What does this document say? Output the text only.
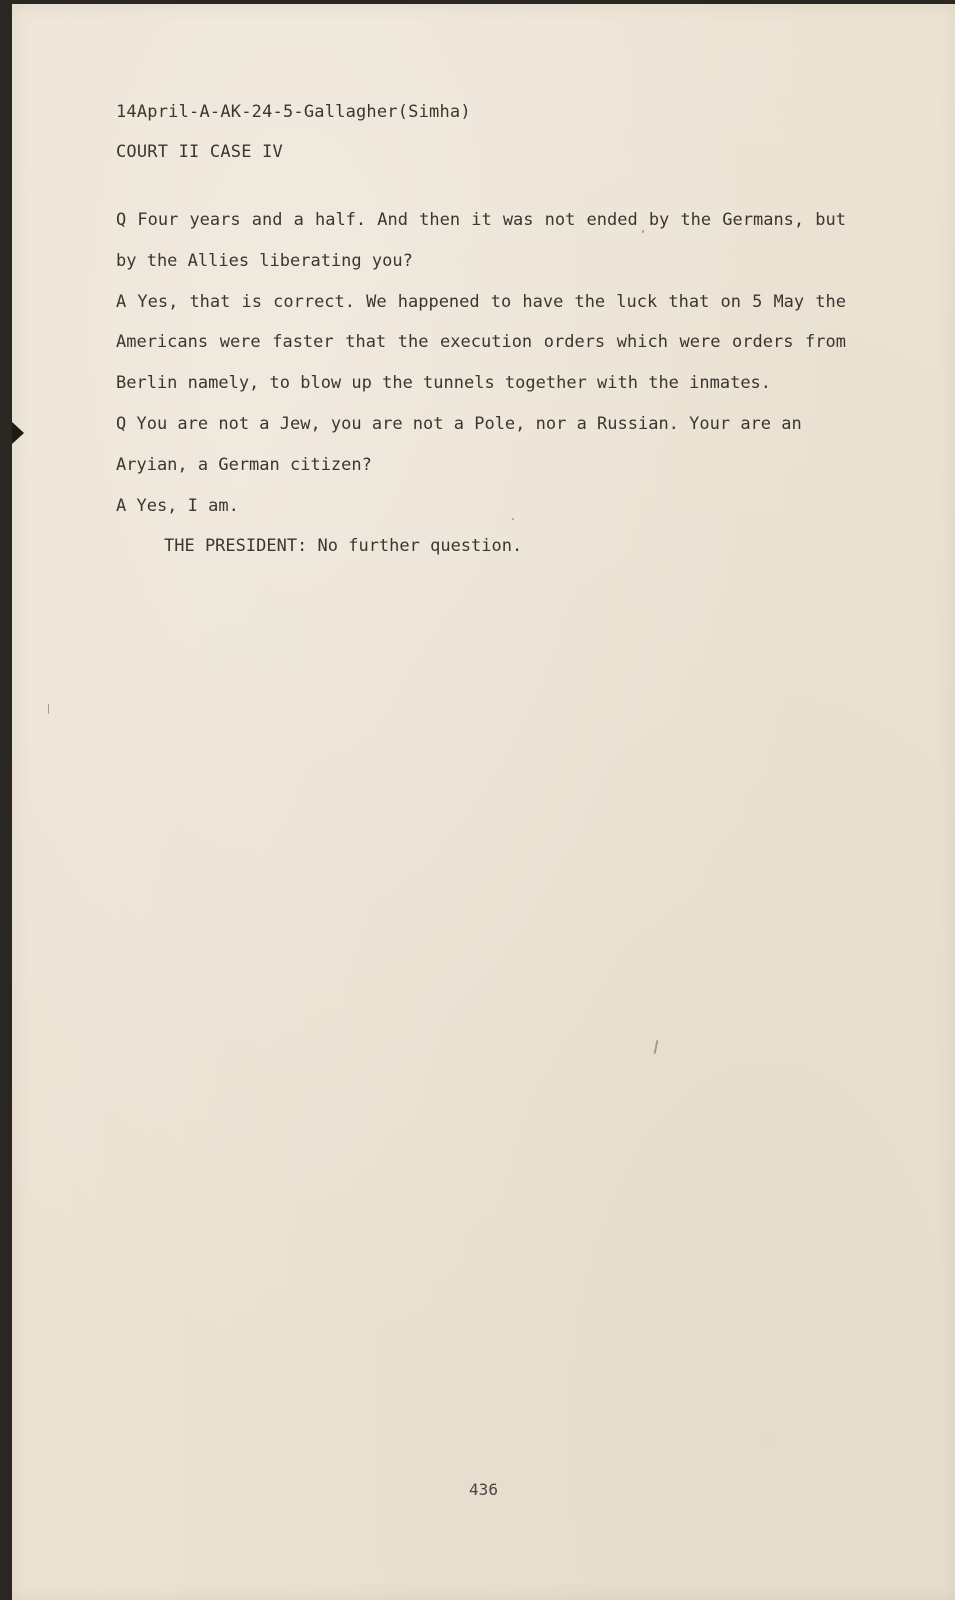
14April-A-AK-24-5-Gallagher(Simha)
COURT II CASE IV
Q Four years and a half. And then it was not ended by the Germans, but
by the Allies liberating you?
A Yes, that is correct. We happened to have the luck that on 5 May the
Americans were faster that the execution orders which were orders from
Berlin namely, to blow up the tunnels together with the inmates.
Q You are not a Jew, you are not a Pole, nor a Russian. Your are an
Aryian, a German citizen?
A Yes, I am.
THE PRESIDENT: No further question.
436
